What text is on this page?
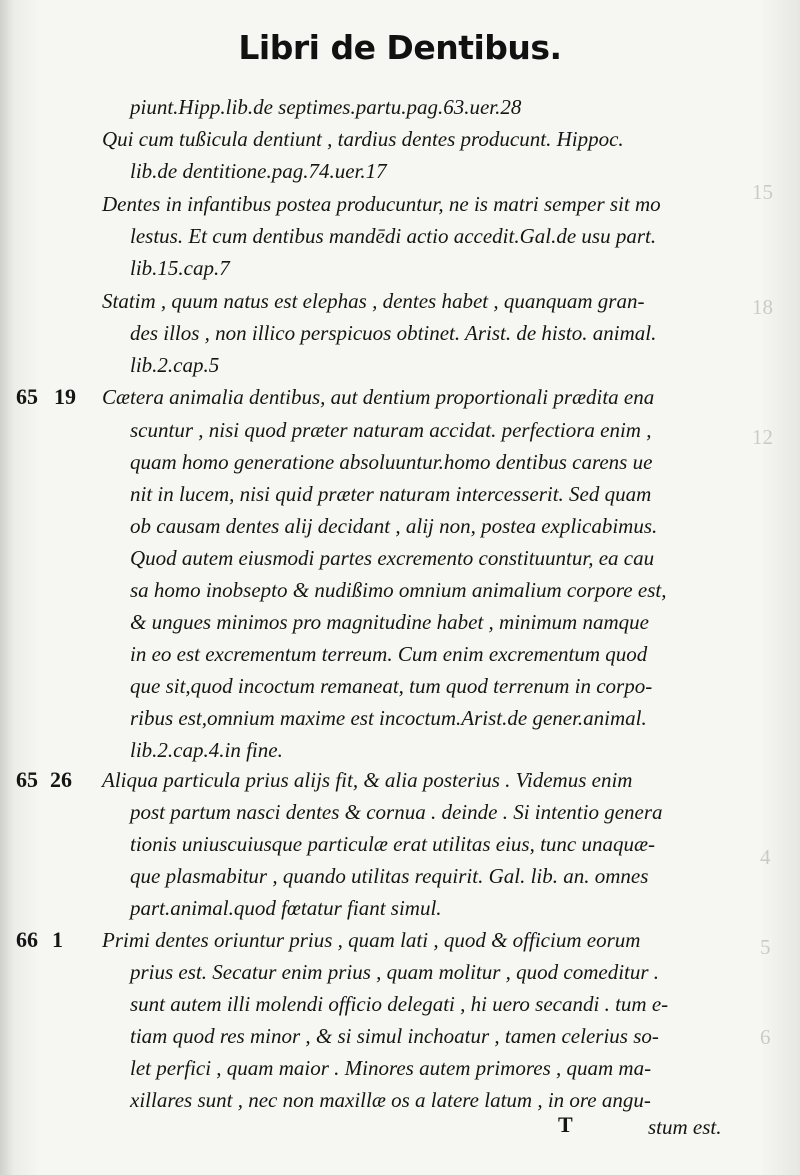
Libri de Dentibus.
15
18
12
4
5
6
65 19
65 26
66 1
piunt.Hipp.lib.de septimes.partu.pag.63.uer.28
Qui cum tußicula dentiunt , tardius dentes producunt. Hippoc.
lib.de dentitione.pag.74.uer.17
Dentes in infantibus postea producuntur, ne is matri semper sit mo
lestus. Et cum dentibus mandēdi actio accedit.Gal.de usu part.
lib.15.cap.7
Statim , quum natus est elephas , dentes habet , quanquam gran-
des illos , non illico perspicuos obtinet. Arist. de histo. animal.
lib.2.cap.5
Cætera animalia dentibus, aut dentium proportionali prædita ena
scuntur , nisi quod præter naturam accidat. perfectiora enim ,
quam homo generatione absoluuntur.homo dentibus carens ue
nit in lucem, nisi quid præter naturam intercesserit. Sed quam
ob causam dentes alij decidant , alij non, postea explicabimus.
Quod autem eiusmodi partes excremento constituuntur, ea cau
sa homo inobsepto & nudißimo omnium animalium corpore est,
& ungues minimos pro magnitudine habet , minimum namque
in eo est excrementum terreum. Cum enim excrementum quod
que sit,quod incoctum remaneat, tum quod terrenum in corpo-
ribus est,omnium maxime est incoctum.Arist.de gener.animal.
lib.2.cap.4.in fine.
Aliqua particula prius alijs fit, & alia posterius . Videmus enim
post partum nasci dentes & cornua . deinde . Si intentio genera
tionis uniuscuiusque particulæ erat utilitas eius, tunc unaquæ-
que plasmabitur , quando utilitas requirit. Gal. lib. an. omnes
part.animal.quod fœtatur fiant simul.
Primi dentes oriuntur prius , quam lati , quod & officium eorum
prius est. Secatur enim prius , quam molitur , quod comeditur .
sunt autem illi molendi officio delegati , hi uero secandi . tum e-
tiam quod res minor , & si simul inchoatur , tamen celerius so-
let perfici , quam maior . Minores autem primores , quam ma-
xillares sunt , nec non maxillæ os a latere latum , in ore angu-
stum est.
T
